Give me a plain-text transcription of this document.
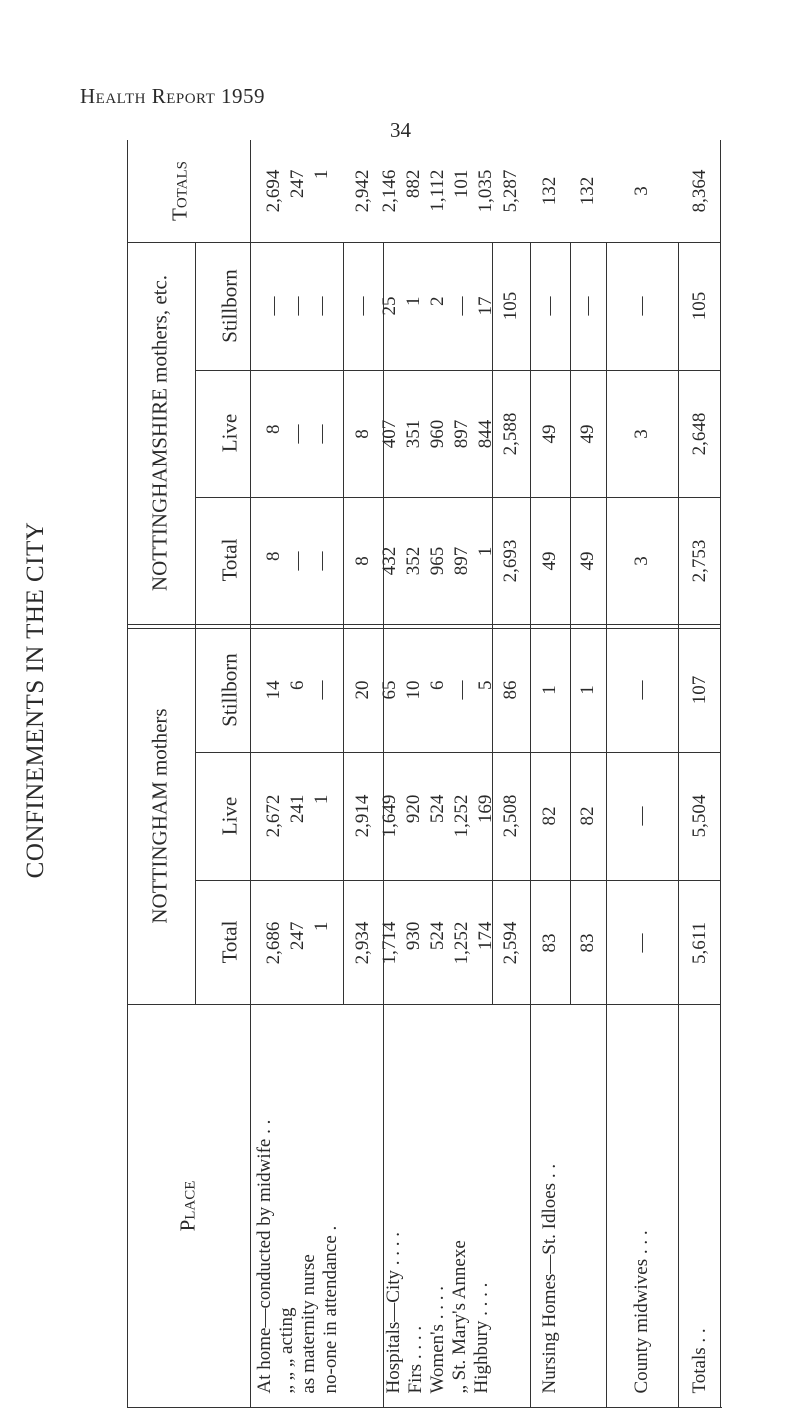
Health Report 1959
34
CONFINEMENTS IN THE CITY
Totals
NOTTINGHAMSHIRE mothers, etc.
NOTTINGHAM mothers
Stillborn
Live
Total
Stillborn
Live
Total
Place
2,694 247 1
— — —
8 — —
8 — —
14 6 —
2,672 241 1
2,686 247 1
At home—conducted by midwife . . „ „ „ acting as maternity nurse no-one in attendance .
2,942
—
8
8
20
2,914
2,934
2,146 882 1,112 101 1,035
25 1 2 — 17
407 351 960 897 844
432 352 965 897 1
65 10 6 — 5
1,649 920 524 1,252 169
1,714 930 524 1,252 174
Hospitals—City . . . . Firs . . . . Women's . . . . „ St. Mary's Annexe Highbury . . . .
5,287
105
2,588
2,693
86
2,508
2,594
132
—
49
49
1
82
83
Nursing Homes—St. Idloes . .
132
—
49
49
1
82
83
3
—
3
3
—
—
—
County midwives . . .
8,364
105
2,648
2,753
107
5,504
5,611
Totals . .
